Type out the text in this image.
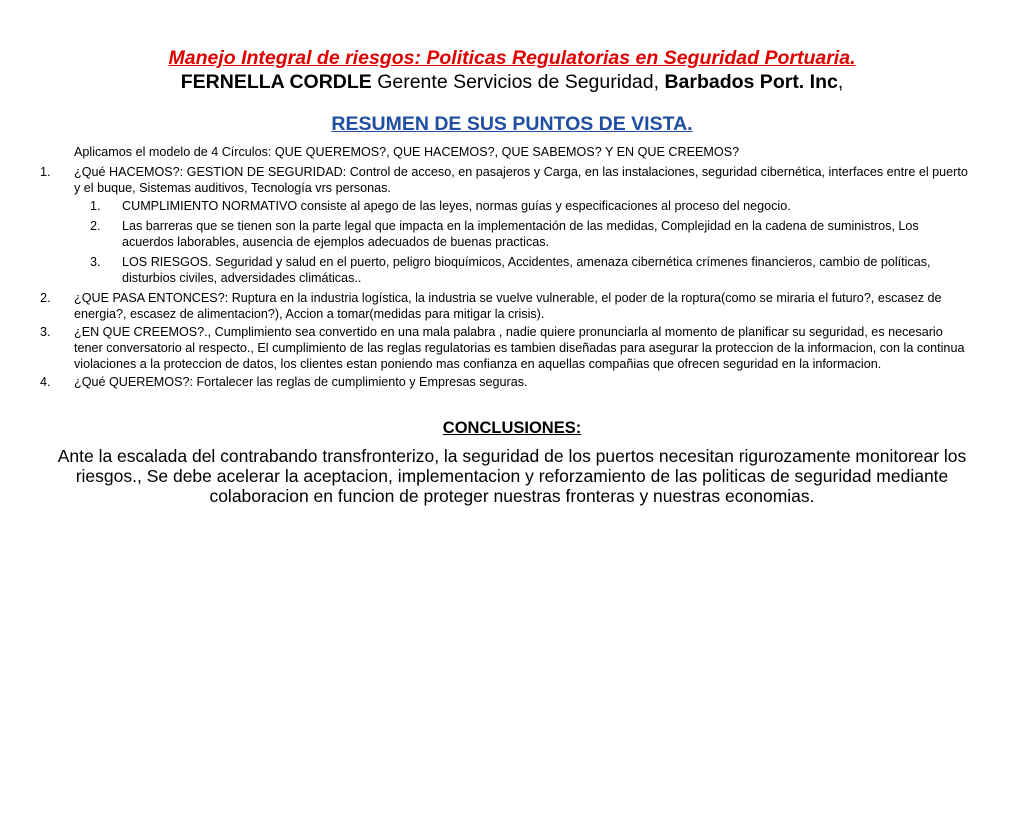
Manejo Integral de riesgos: Politicas Regulatorias en Seguridad Portuaria.
FERNELLA CORDLE Gerente Servicios de Seguridad, Barbados Port. Inc,
RESUMEN DE SUS PUNTOS DE VISTA.
Aplicamos el modelo de 4 Círculos: QUE QUEREMOS?, QUE HACEMOS?, QUE SABEMOS? Y EN QUE CREEMOS?
1. ¿Qué HACEMOS?: GESTION DE SEGURIDAD: Control de acceso, en pasajeros y Carga, en las instalaciones, seguridad cibernética, interfaces entre el puerto y el buque, Sistemas auditivos, Tecnología vrs personas.
1. CUMPLIMIENTO NORMATIVO consiste al apego de las leyes, normas guías y especificaciones al proceso del negocio.
2. Las barreras que se tienen son la parte legal que impacta en la implementación de las medidas, Complejidad en la cadena de suministros, Los acuerdos laborables, ausencia de ejemplos adecuados de buenas practicas.
3. LOS RIESGOS. Seguridad y salud en el puerto, peligro bioquímicos, Accidentes, amenaza cibernética crímenes financieros, cambio de políticas, disturbios civiles, adversidades climáticas..
2. ¿QUE PASA ENTONCES?: Ruptura en la industria logística, la industria se vuelve vulnerable, el poder de la roptura(como se miraria el futuro?, escasez de energia?, escasez de alimentacion?), Accion a tomar(medidas para mitigar la crisis).
3. ¿EN QUE CREEMOS?., Cumplimiento sea convertido en una mala palabra , nadie quiere pronunciarla al momento de planificar su seguridad, es necesario tener conversatorio al respecto., El cumplimiento de las reglas regulatorias es tambien diseñadas para asegurar la proteccion de la informacion, con la continua violaciones a la proteccion de datos, los clientes estan poniendo mas confianza en aquellas compañias que ofrecen seguridad en la informacion.
4. ¿Qué QUEREMOS?: Fortalecer las reglas de cumplimiento y Empresas seguras.
CONCLUSIONES:
Ante la escalada del contrabando transfronterizo, la seguridad de los puertos necesitan rigurozamente monitorear los riesgos., Se debe acelerar la aceptacion, implementacion y reforzamiento de las politicas de seguridad mediante colaboracion en funcion de proteger nuestras fronteras y nuestras economias.
